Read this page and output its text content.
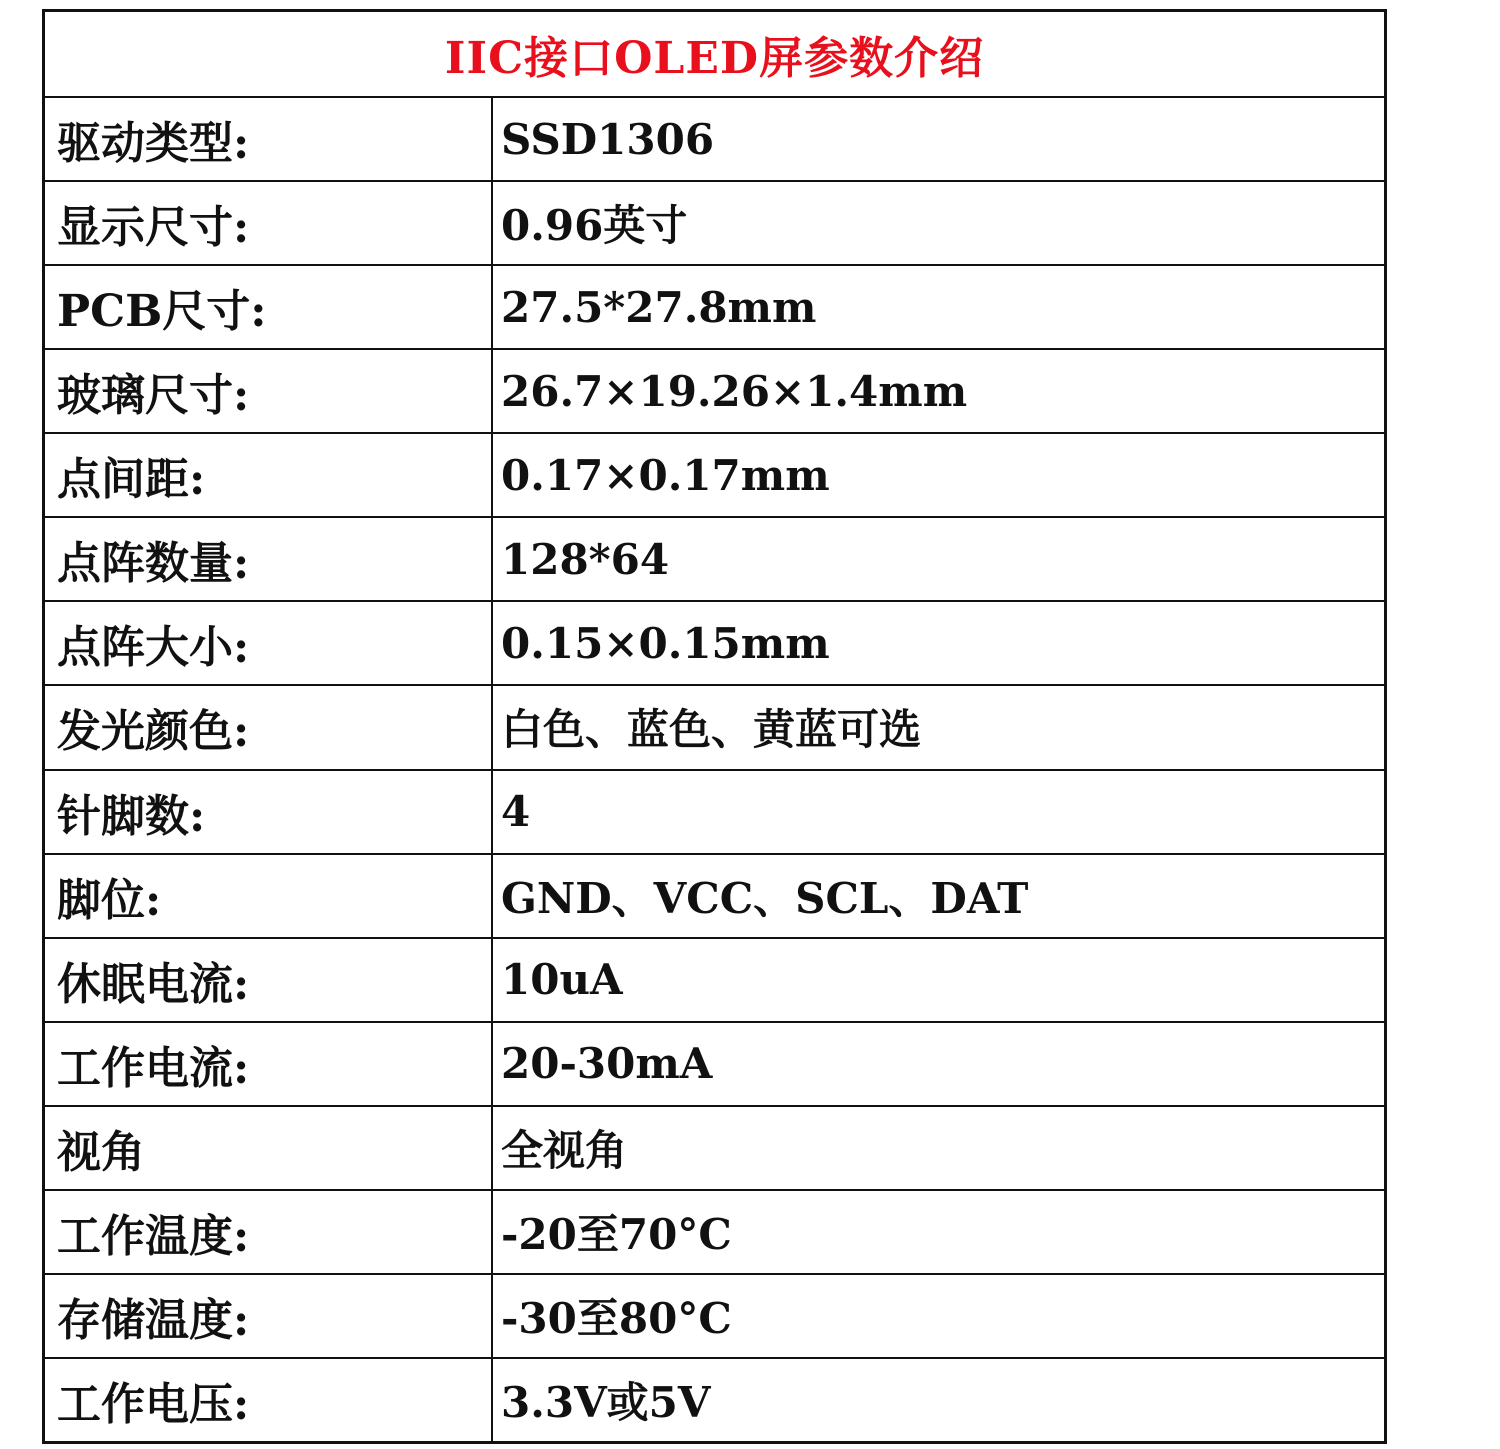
IIC接口OLED屏参数介绍
驱动类型:	SSD1306
显示尺寸:	0.96英寸
PCB尺寸:	27.5*27.8mm
玻璃尺寸:	26.7×19.26×1.4mm
点间距:	0.17×0.17mm
点阵数量:	128*64
点阵大小:	0.15×0.15mm
发光颜色:	白色、蓝色、黄蓝可选
针脚数:	4
脚位:	GND、VCC、SCL、DAT
休眠电流:	10uA
工作电流:	20-30mA
视角	全视角
工作温度:	-20至70°C
存储温度:	-30至80°C
工作电压:	3.3V或5V
